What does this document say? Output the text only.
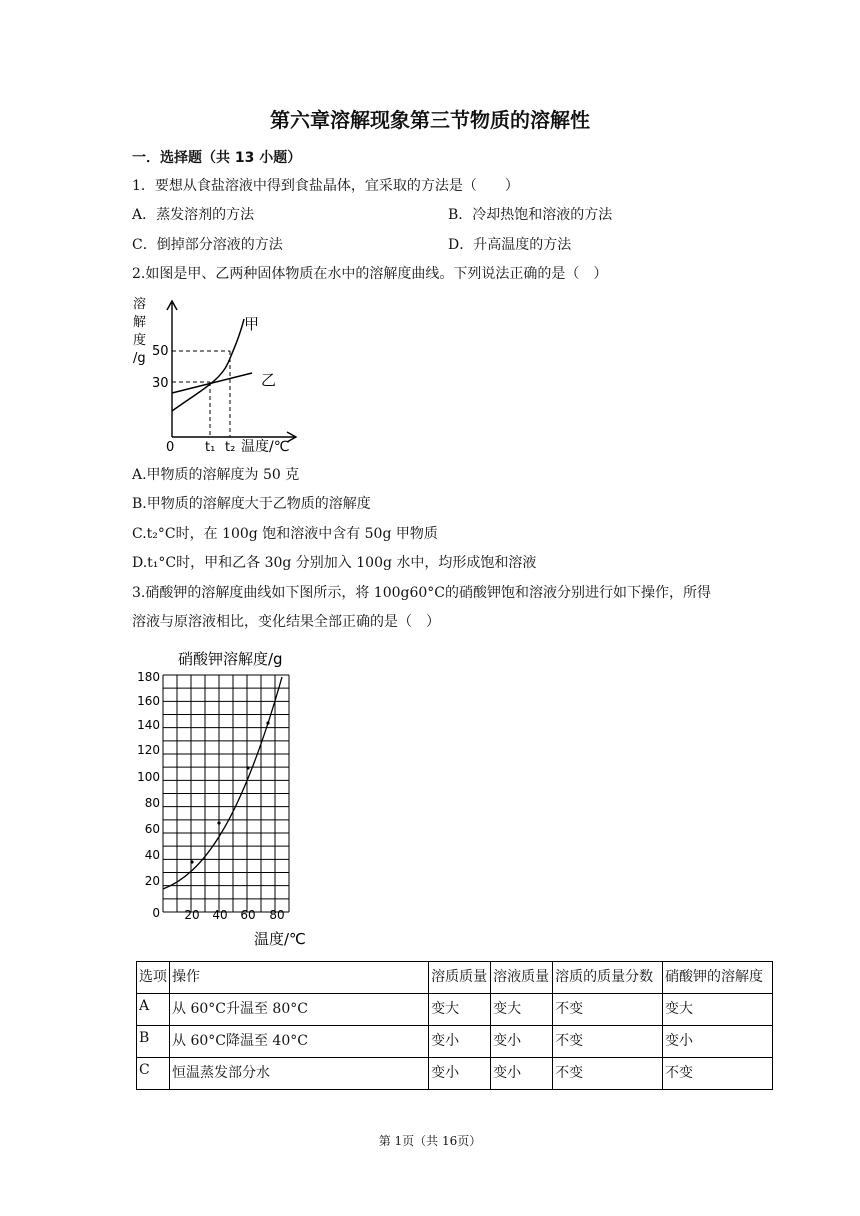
第六章溶解现象第三节物质的溶解性
一．选择题（共 13 小题）
1．要想从食盐溶液中得到食盐晶体，宜采取的方法是（　　）
A．蒸发溶剂的方法	B．冷却热饱和溶液的方法
C．倒掉部分溶液的方法	D．升高温度的方法
2.如图是甲、乙两种固体物质在水中的溶解度曲线。下列说法正确的是（　）
溶
解
度
/g 50
30
0 t₁ t₂ 温度/℃
甲
乙
A.甲物质的溶解度为 50 克
B.甲物质的溶解度大于乙物质的溶解度
C.t₂°C时，在 100g 饱和溶液中含有 50g 甲物质
D.t₁°C时，甲和乙各 30g 分别加入 100g 水中，均形成饱和溶液
3.硝酸钾的溶解度曲线如下图所示，将 100g60°C的硝酸钾饱和溶液分别进行如下操作，所得
溶液与原溶液相比，变化结果全部正确的是（　）
硝酸钾溶解度/g
180
160
140
120
100
80
60
40
20
0 20 40 60 80
温度/℃
选项	操作	溶质质量	溶液质量	溶质的质量分数	硝酸钾的溶解度
A	从 60°C升温至 80°C	变大	变大	不变	变大
B	从 60°C降温至 40°C	变小	变小	不变	变小
C	恒温蒸发部分水	变小	变小	不变	不变
第 1页（共 16页）
